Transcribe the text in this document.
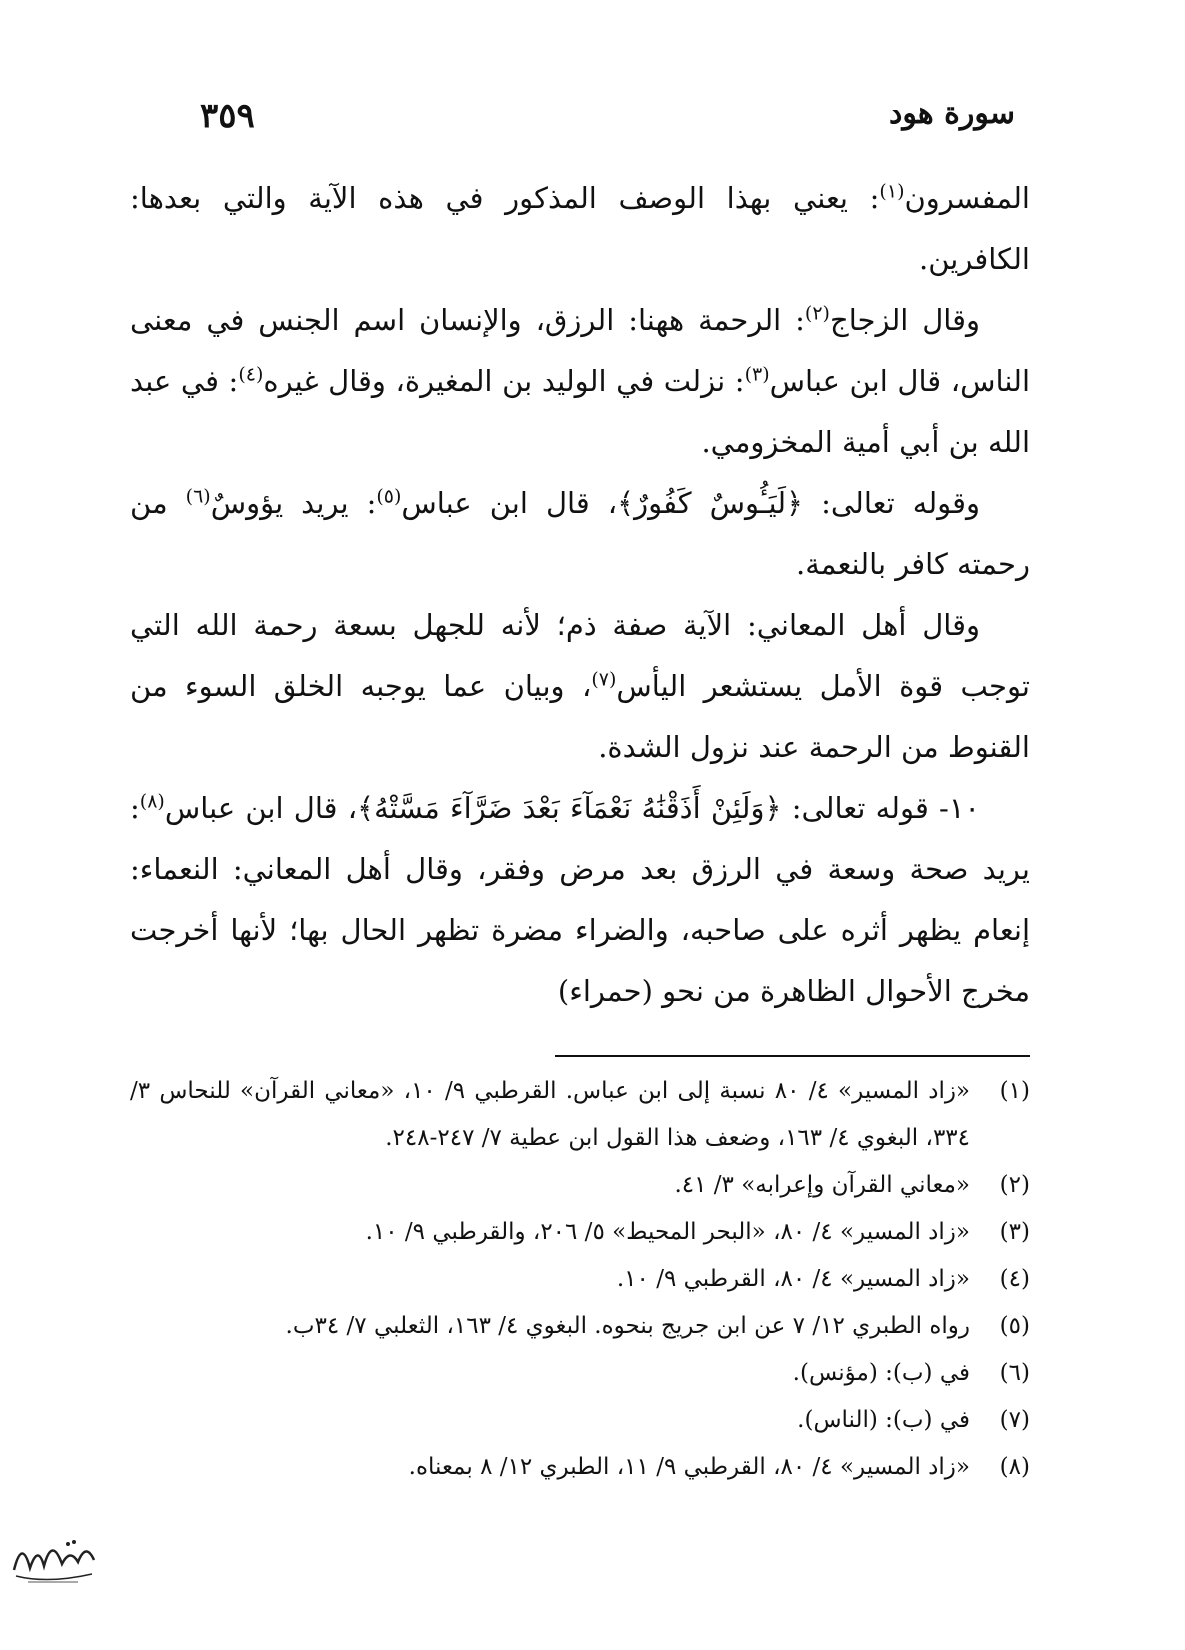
سورة هود
٣٥٩

المفسرون$^{(١)}$: يعني بهذا الوصف المذكور في هذه الآية والتي بعدها: الكافرين.

وقال الزجاج$^{(٢)}$: الرحمة ههنا: الرزق، والإنسان اسم الجنس في معنى الناس، قال ابن عباس$^{(٣)}$: نزلت في الوليد بن المغيرة، وقال غيره$^{(٤)}$: في عبد الله بن أبي أمية المخزومي.

وقوله تعالى: ﴿لَيَـُٔوسٌ كَفُورٌ﴾، قال ابن عباس$^{(٥)}$: يريد يؤوسٌ$^{(٦)}$ من رحمته كافر بالنعمة.

وقال أهل المعاني: الآية صفة ذم؛ لأنه للجهل بسعة رحمة الله التي توجب قوة الأمل يستشعر اليأس$^{(٧)}$، وبيان عما يوجبه الخلق السوء من القنوط من الرحمة عند نزول الشدة.

١٠- قوله تعالى: ﴿وَلَئِنْ أَذَقْنَٰهُ نَعْمَآءَ بَعْدَ ضَرَّآءَ مَسَّتْهُ﴾، قال ابن عباس$^{(٨)}$: يريد صحة وسعة في الرزق بعد مرض وفقر، وقال أهل المعاني: النعماء: إنعام يظهر أثره على صاحبه، والضراء مضرة تظهر الحال بها؛ لأنها أخرجت مخرج الأحوال الظاهرة من نحو (حمراء)

(١)
«زاد المسير» ٤/ ٨٠ نسبة إلى ابن عباس. القرطبي ٩/ ١٠، «معاني القرآن» للنحاس ٣/ ٣٣٤، البغوي ٤/ ١٦٣، وضعف هذا القول ابن عطية ٧/ ٢٤٧-٢٤٨.
(٢)
«معاني القرآن وإعرابه» ٣/ ٤١.
(٣)
«زاد المسير» ٤/ ٨٠، «البحر المحيط» ٥/ ٢٠٦، والقرطبي ٩/ ١٠.
(٤)
«زاد المسير» ٤/ ٨٠، القرطبي ٩/ ١٠.
(٥)
رواه الطبري ١٢/ ٧ عن ابن جريج بنحوه. البغوي ٤/ ١٦٣، الثعلبي ٧/ ٣٤ب.
(٦)
في (ب): (مؤنس).
(٧)
في (ب): (الناس).
(٨)
«زاد المسير» ٤/ ٨٠، القرطبي ٩/ ١١، الطبري ١٢/ ٨ بمعناه.
